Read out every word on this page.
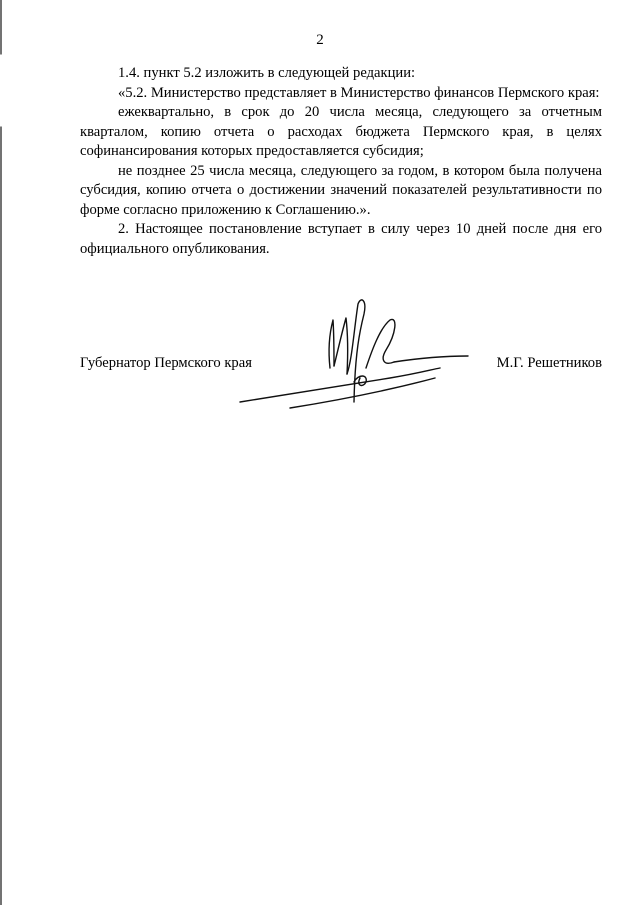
2

1.4. пункт 5.2 изложить в следующей редакции:

«5.2. Министерство представляет в Министерство финансов Пермского края:

ежеквартально, в срок до 20 числа месяца, следующего за отчетным кварталом, копию отчета о расходах бюджета Пермского края, в целях софинансирования которых предоставляется субсидия;

не позднее 25 числа месяца, следующего за годом, в котором была получена субсидия, копию отчета о достижении значений показателей результативности по форме согласно приложению к Соглашению.».

2. Настоящее постановление вступает в силу через 10 дней после дня его официального опубликования.

Губернатор Пермского края	М.Г. Решетников
